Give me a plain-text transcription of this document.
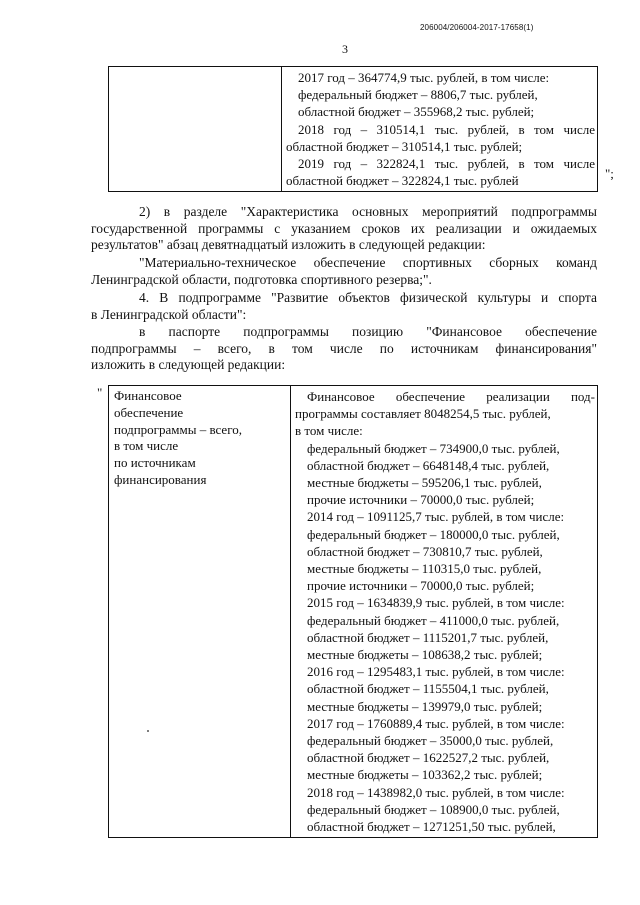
206004/206004-2017-17658(1)
3

2017 год – 364774,9 тыс. рублей, в том числе:
федеральный бюджет – 8806,7 тыс. рублей,
областной бюджет – 355968,2 тыс. рублей;
2018 год – 310514,1 тыс. рублей, в том числе
областной бюджет – 310514,1 тыс. рублей;
2019 год – 322824,1 тыс. рублей, в том числе
областной бюджет – 322824,1 тыс. рублей	";
2) в разделе "Характеристика основных мероприятий подпрограммы
государственной программы с указанием сроков их реализации и ожидаемых
результатов" абзац девятнадцатый изложить в следующей редакции:
"Материально-техническое обеспечение спортивных сборных команд
Ленинградской области, подготовка спортивного резерва;".
4. В подпрограмме "Развитие объектов физической культуры и спорта
в Ленинградской области":
в паспорте подпрограммы позицию "Финансовое обеспечение
подпрограммы – всего, в том числе по источникам финансирования"
изложить в следующей редакции:
" Финансовое
обеспечение
подпрограммы – всего,
в том числе
по источникам
финансирования

Финансовое обеспечение реализации под-
программы составляет 8048254,5 тыс. рублей,
в том числе:
федеральный бюджет – 734900,0 тыс. рублей,
областной бюджет – 6648148,4 тыс. рублей,
местные бюджеты – 595206,1 тыс. рублей,
прочие источники – 70000,0 тыс. рублей;
2014 год – 1091125,7 тыс. рублей, в том числе:
федеральный бюджет – 180000,0 тыс. рублей,
областной бюджет – 730810,7 тыс. рублей,
местные бюджеты – 110315,0 тыс. рублей,
прочие источники – 70000,0 тыс. рублей;
2015 год – 1634839,9 тыс. рублей, в том числе:
федеральный бюджет – 411000,0 тыс. рублей,
областной бюджет – 1115201,7 тыс. рублей,
местные бюджеты – 108638,2 тыс. рублей;
2016 год – 1295483,1 тыс. рублей, в том числе:
областной бюджет – 1155504,1 тыс. рублей,
местные бюджеты – 139979,0 тыс. рублей;
2017 год – 1760889,4 тыс. рублей, в том числе:
федеральный бюджет – 35000,0 тыс. рублей,
областной бюджет – 1622527,2 тыс. рублей,
местные бюджеты – 103362,2 тыс. рублей;
2018 год – 1438982,0 тыс. рублей, в том числе:
федеральный бюджет – 108900,0 тыс. рублей,
областной бюджет – 1271251,50 тыс. рублей,
